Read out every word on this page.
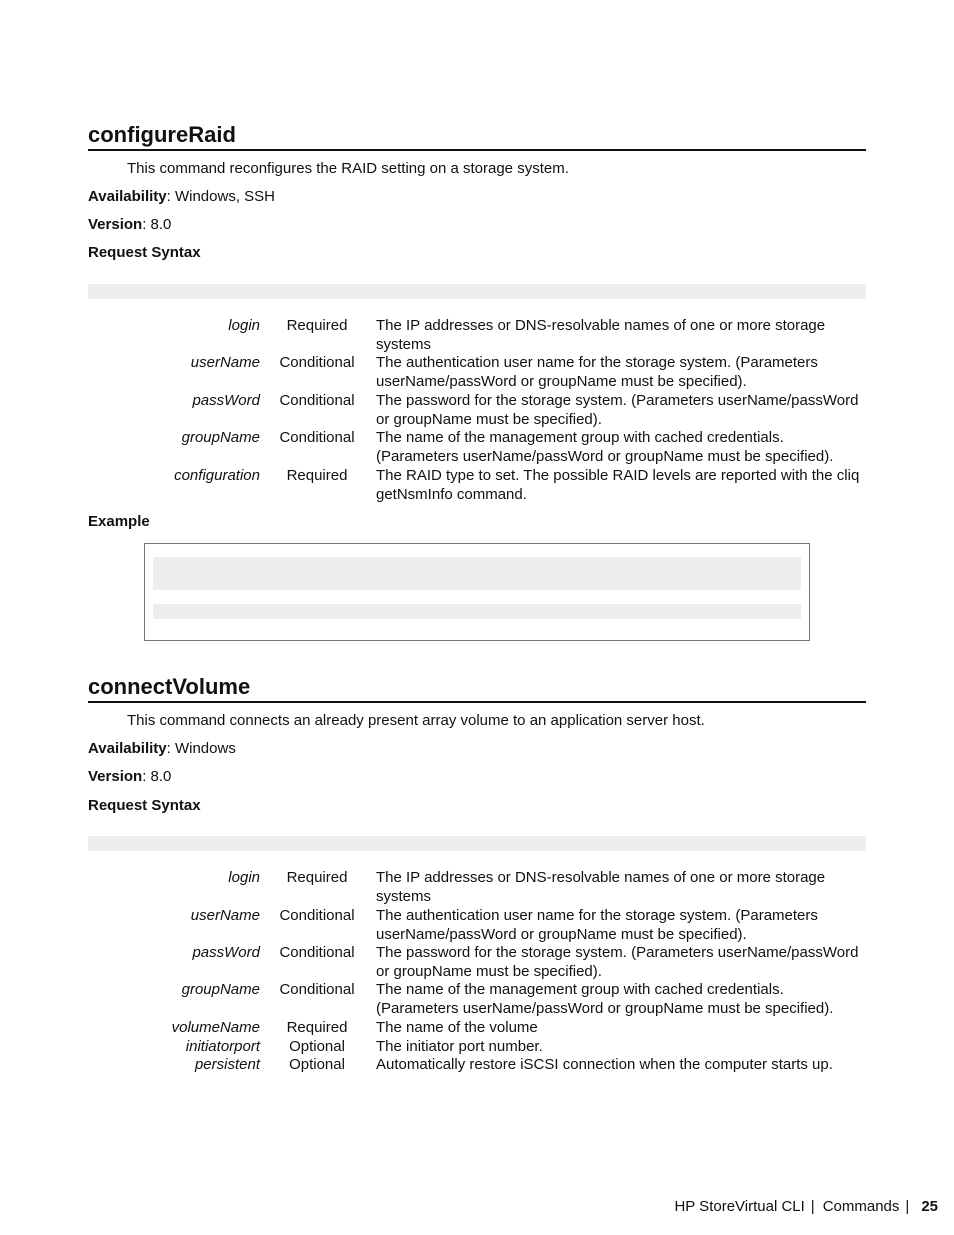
configureRaid
This command reconfigures the RAID setting on a storage system.
Availability: Windows, SSH
Version: 8.0
Request Syntax
login	Required	The IP addresses or DNS-resolvable names of one or more storage systems
userName	Conditional	The authentication user name for the storage system. (Parameters userName/passWord or groupName must be specified).
passWord	Conditional	The password for the storage system. (Parameters userName/passWord or groupName must be specified).
groupName	Conditional	The name of the management group with cached credentials. (Parameters userName/passWord or groupName must be specified).
configuration	Required	The RAID type to set. The possible RAID levels are reported with the cliq getNsmInfo command.
Example
connectVolume
This command connects an already present array volume to an application server host.
Availability: Windows
Version: 8.0
Request Syntax
login	Required	The IP addresses or DNS-resolvable names of one or more storage systems
userName	Conditional	The authentication user name for the storage system. (Parameters userName/passWord or groupName must be specified).
passWord	Conditional	The password for the storage system. (Parameters userName/passWord or groupName must be specified).
groupName	Conditional	The name of the management group with cached credentials. (Parameters userName/passWord or groupName must be specified).
volumeName	Required	The name of the volume
initiatorport	Optional	The initiator port number.
persistent	Optional	Automatically restore iSCSI connection when the computer starts up.
HP StoreVirtual CLI | Commands | 25
